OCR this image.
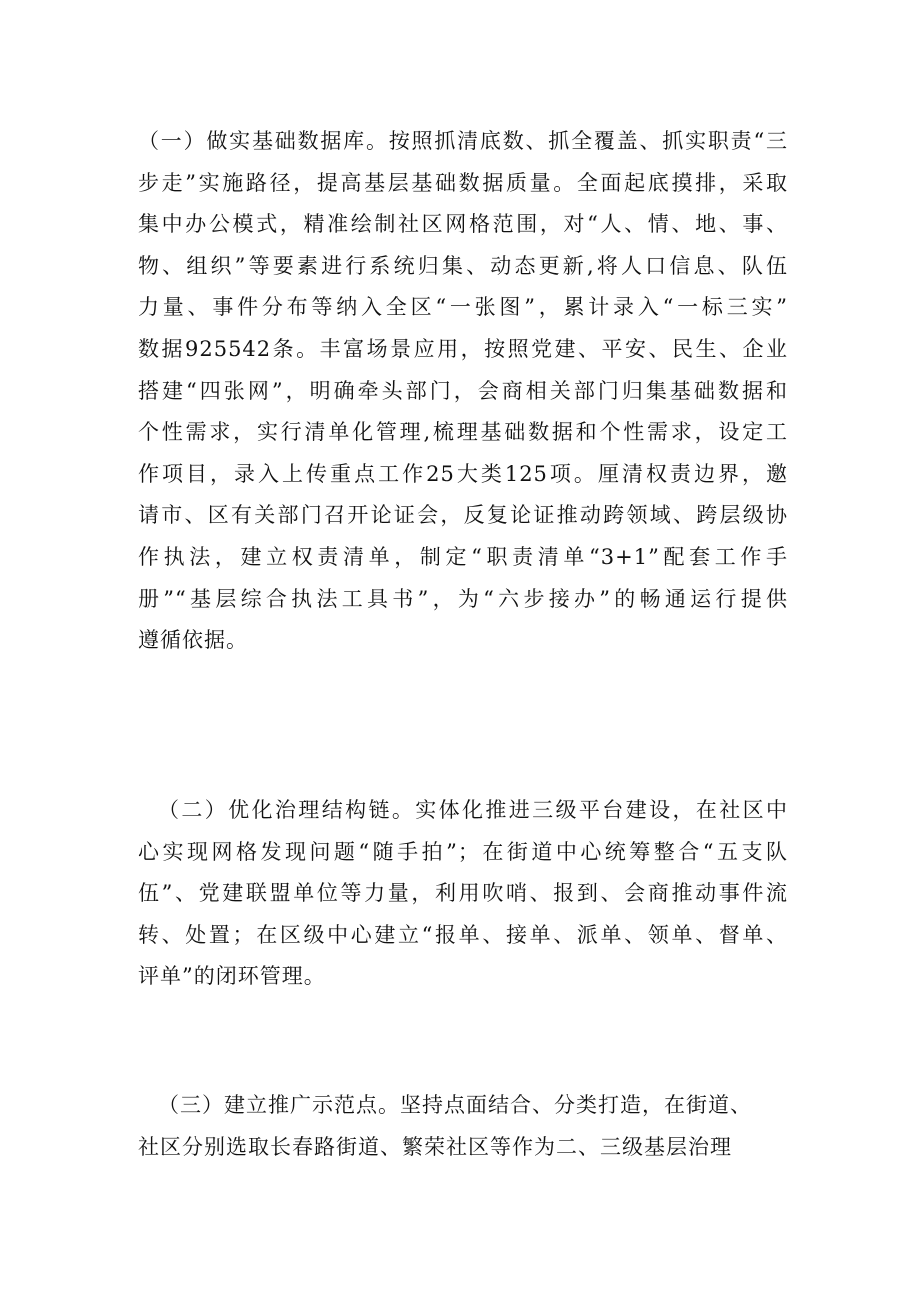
（一）做实基础数据库。按照抓清底数、抓全覆盖、抓实职责“三
步走”实施路径，提高基层基础数据质量。全面起底摸排，采取
集中办公模式，精准绘制社区网格范围，对“人、情、地、事、
物、组织”等要素进行系统归集、动态更新,将人口信息、队伍
力量、事件分布等纳入全区“一张图”，累计录入“一标三实”
数据925542条。丰富场景应用，按照党建、平安、民生、企业
搭建“四张网”，明确牵头部门，会商相关部门归集基础数据和
个性需求，实行清单化管理,梳理基础数据和个性需求，设定工
作项目，录入上传重点工作25大类125项。厘清权责边界，邀
请市、区有关部门召开论证会，反复论证推动跨领域、跨层级协
作执法，建立权责清单，制定“职责清单“3+1”配套工作手
册”“基层综合执法工具书”，为“六步接办”的畅通运行提供
遵循依据。
（二）优化治理结构链。实体化推进三级平台建设，在社区中
心实现网格发现问题“随手拍”；在街道中心统筹整合“五支队
伍”、党建联盟单位等力量，利用吹哨、报到、会商推动事件流
转、处置；在区级中心建立“报单、接单、派单、领单、督单、
评单”的闭环管理。
（三）建立推广示范点。坚持点面结合、分类打造，在街道、
社区分别选取长春路街道、繁荣社区等作为二、三级基层治理
